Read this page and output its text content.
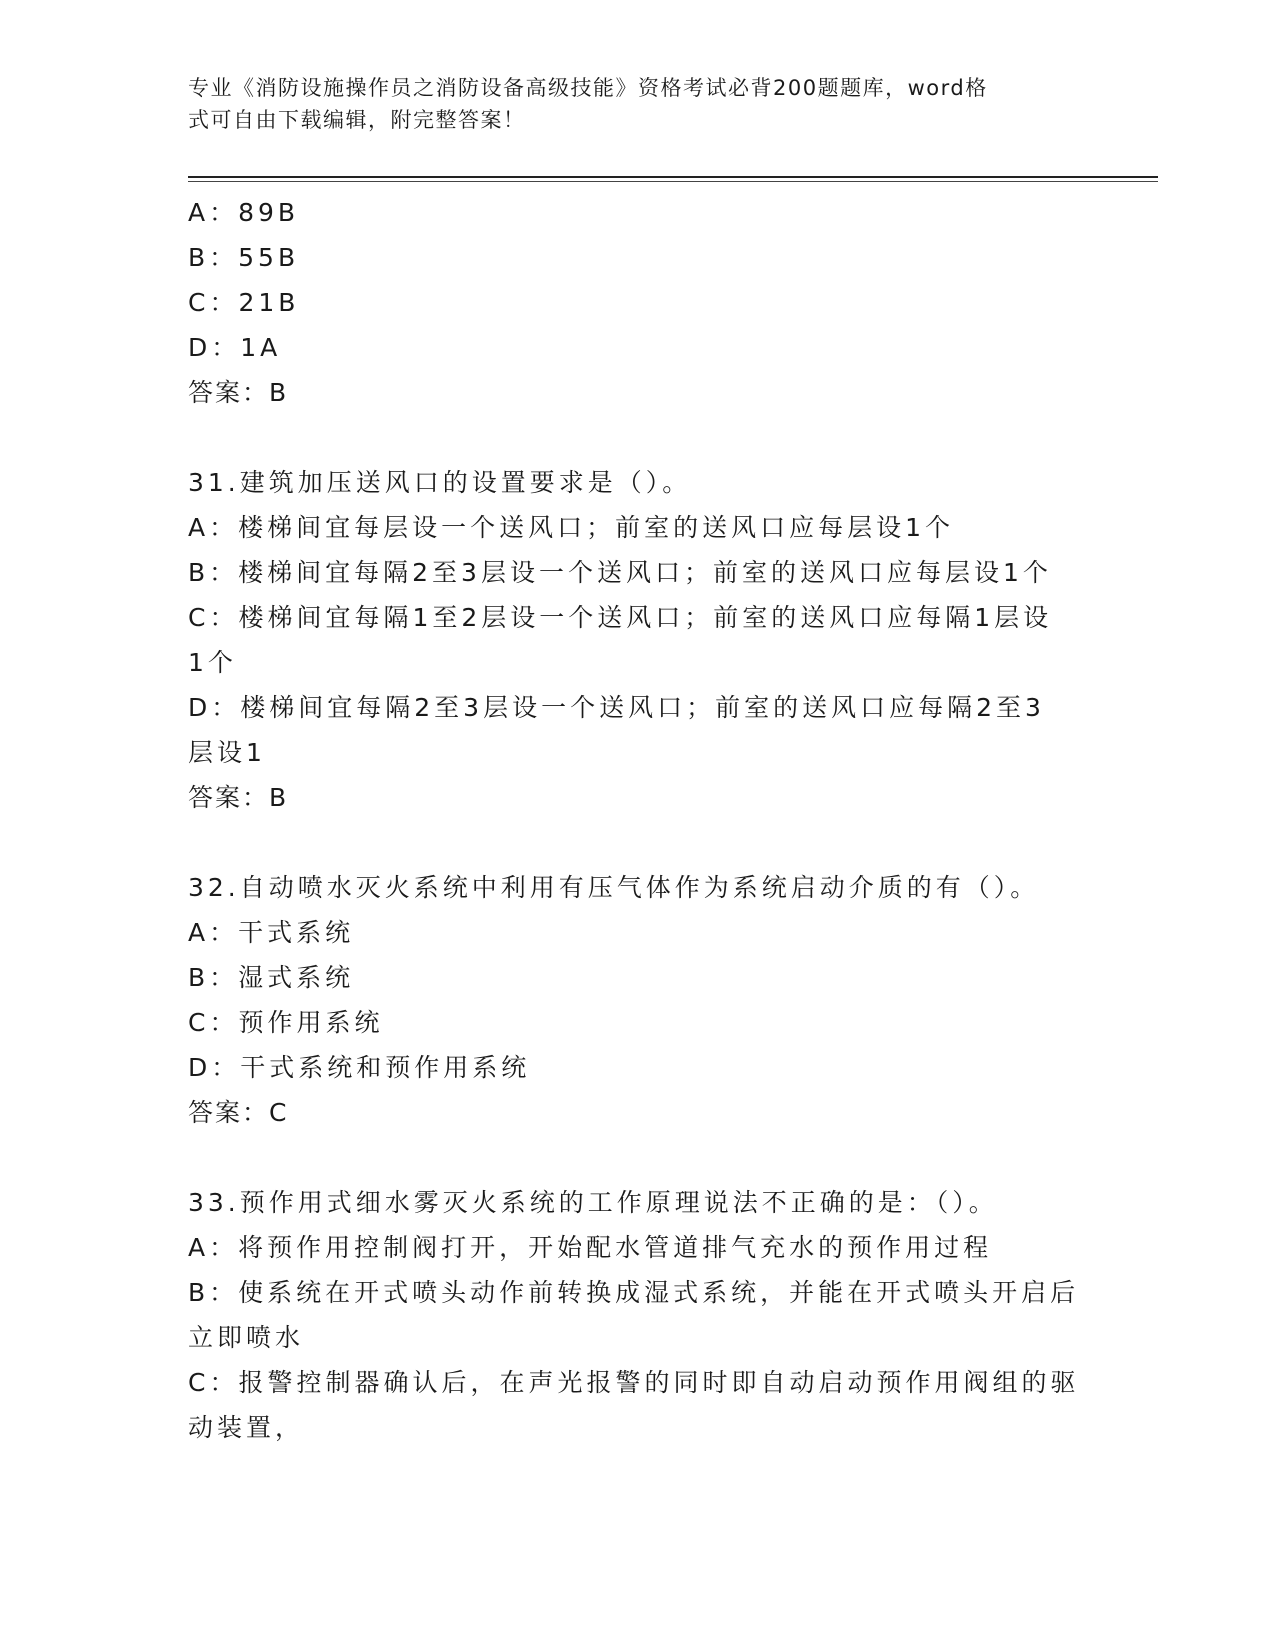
专业《消防设施操作员之消防设备高级技能》资格考试必背200题题库，word格
式可自由下载编辑，附完整答案！
A：89B
B：55B
C：21B
D：1A
答案：B
31.建筑加压送风口的设置要求是（）。
A：楼梯间宜每层设一个送风口；前室的送风口应每层设1个
B：楼梯间宜每隔2至3层设一个送风口；前室的送风口应每层设1个
C：楼梯间宜每隔1至2层设一个送风口；前室的送风口应每隔1层设
1个
D：楼梯间宜每隔2至3层设一个送风口；前室的送风口应每隔2至3
层设1
答案：B
32.自动喷水灭火系统中利用有压气体作为系统启动介质的有（）。
A：干式系统
B：湿式系统
C：预作用系统
D：干式系统和预作用系统
答案：C
33.预作用式细水雾灭火系统的工作原理说法不正确的是：（）。
A：将预作用控制阀打开，开始配水管道排气充水的预作用过程
B：使系统在开式喷头动作前转换成湿式系统，并能在开式喷头开启后
立即喷水
C：报警控制器确认后，在声光报警的同时即自动启动预作用阀组的驱
动装置，
